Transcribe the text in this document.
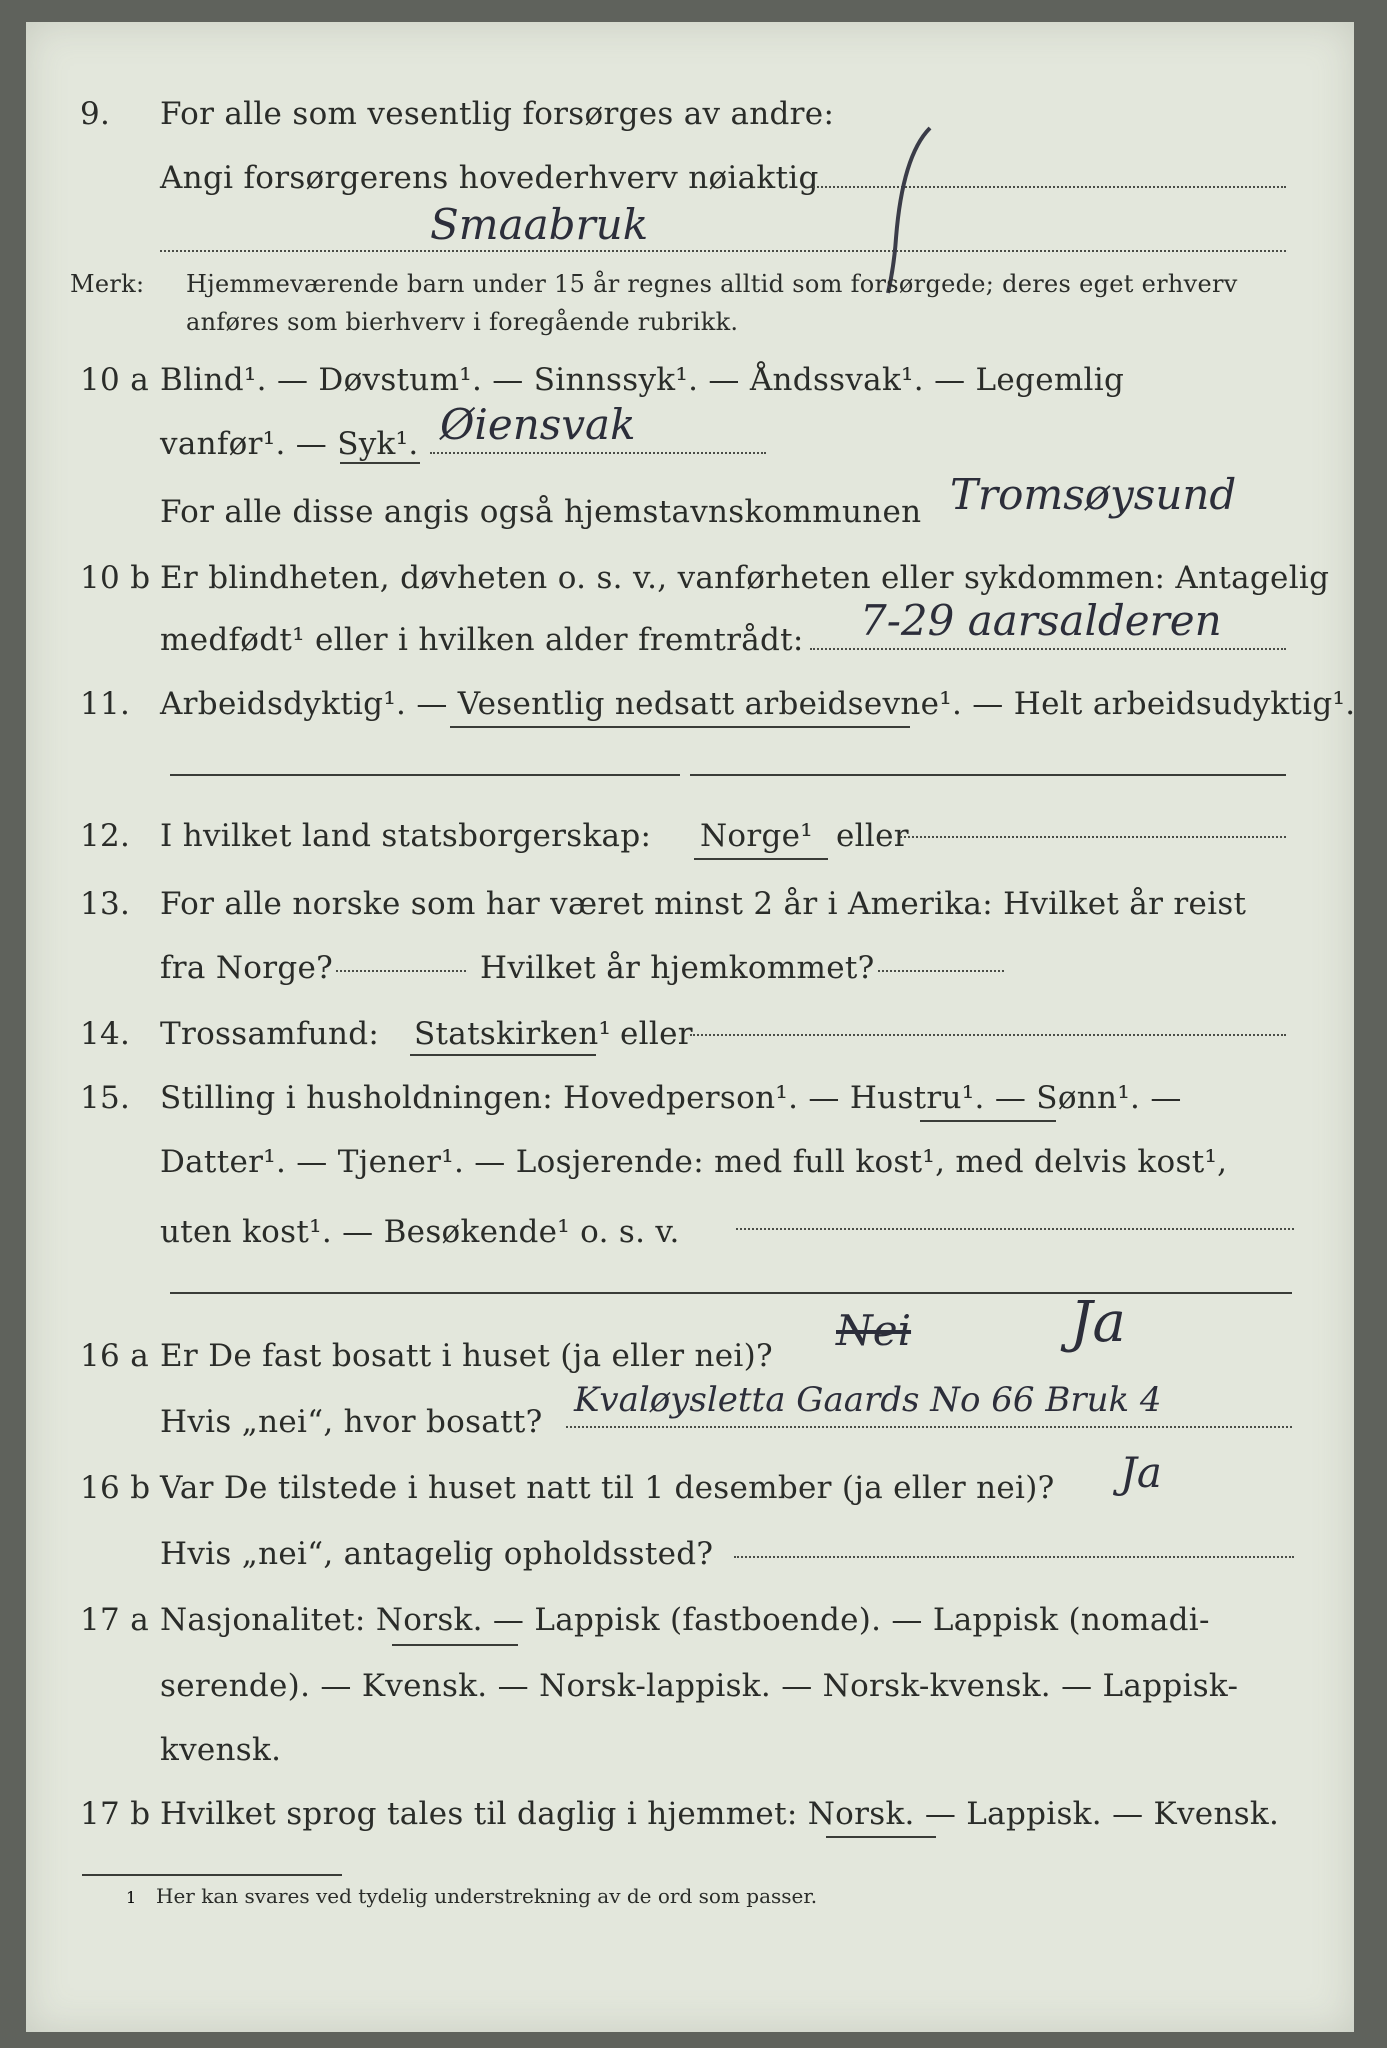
9. For alle som vesentlig forsørges av andre:
Angi forsørgerens hovederhverv nøiaktig
Smaabruk
Merk: Hjemmeværende barn under 15 år regnes alltid som forsørgede; deres eget erhverv
anføres som bierhverv i foregående rubrikk.
10 a Blind¹. — Døvstum¹. — Sinnssyk¹. — Åndssvak¹. — Legemlig
vanfør¹. — Syk¹. Øiensvak
For alle disse angis også hjemstavnskommunen Tromsøysund
10 b Er blindheten, døvheten o. s. v., vanførheten eller sykdommen: Antagelig
medfødt¹ eller i hvilken alder fremtrådt: 7-29 aarsalderen
11. Arbeidsdyktig¹. — Vesentlig nedsatt arbeidsevne¹. — Helt arbeidsudyktig¹.
12. I hvilket land statsborgerskap: Norge¹ eller
13. For alle norske som har været minst 2 år i Amerika: Hvilket år reist
fra Norge?	Hvilket år hjemkommet?
14. Trossamfund: Statskirken¹ eller
15. Stilling i husholdningen: Hovedperson¹. — Hustru¹. — Sønn¹. —
Datter¹. — Tjener¹. — Losjerende: med full kost¹, med delvis kost¹,
uten kost¹. — Besøkende¹ o. s. v.
16 a Er De fast bosatt i huset (ja eller nei)?
Nei	Ja
Hvis „nei“, hvor bosatt?
Kvaløysletta Gaards No 66 Bruk 4
16 b Var De tilstede i huset natt til 1 desember (ja eller nei)? Ja
Hvis „nei“, antagelig opholdssted?
17 a Nasjonalitet: Norsk. — Lappisk (fastboende). — Lappisk (nomadi-
serende). — Kvensk. — Norsk-lappisk. — Norsk-kvensk. — Lappisk-
kvensk.
17 b Hvilket sprog tales til daglig i hjemmet: Norsk. — Lappisk. — Kvensk.
1 Her kan svares ved tydelig understrekning av de ord som passer.
